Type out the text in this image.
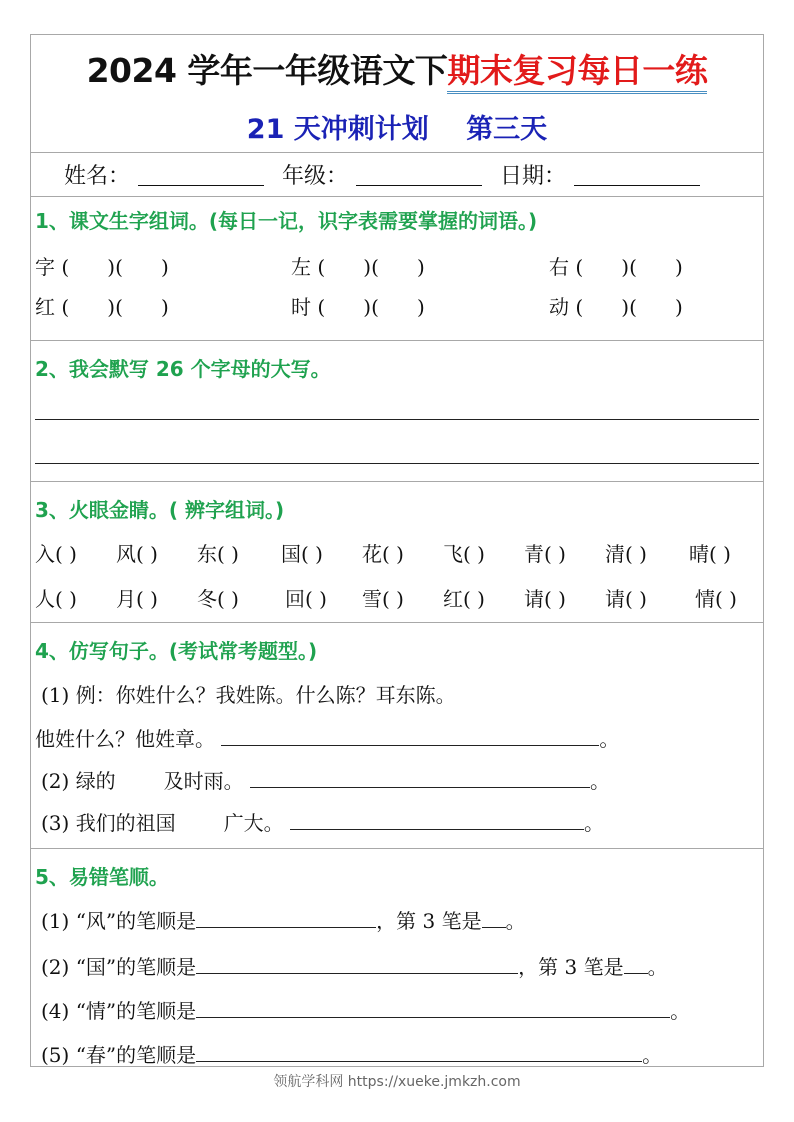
2024 学年一年级语文下期末复习每日一练
21 天冲刺计划 第三天
姓名：	年级：	日期：
1、课文生字组词。(每日一记，识字表需要掌握的词语。)
字 (      )(      )	左 (      )(      )	右 (      )(      )
红 (      )(      )	时 (      )(      )	动 (      )(      )
2、我会默写 26 个字母的大写。
3、火眼金睛。( 辨字组词。)
入( ) 风( ) 东( ) 国( ) 花( ) 飞( ) 青( ) 清( ) 晴( )
人( ) 月( ) 冬( ) 回( ) 雪( ) 红( ) 请( ) 请( ) 情( )
4、仿写句子。(考试常考题型。)
(1) 例：你姓什么？我姓陈。什么陈？耳东陈。
他姓什么？他姓章。	。
(2) 绿的 及时雨。	。
(3) 我们的祖国 广大。	。
5、易错笔顺。
(1) “风”的笔顺是	，第 3 笔是 。
(2) “国”的笔顺是	，第 3 笔是 。
(4) “情”的笔顺是	。
(5) “春”的笔顺是	。
领航学科网 https://xueke.jmkzh.com
